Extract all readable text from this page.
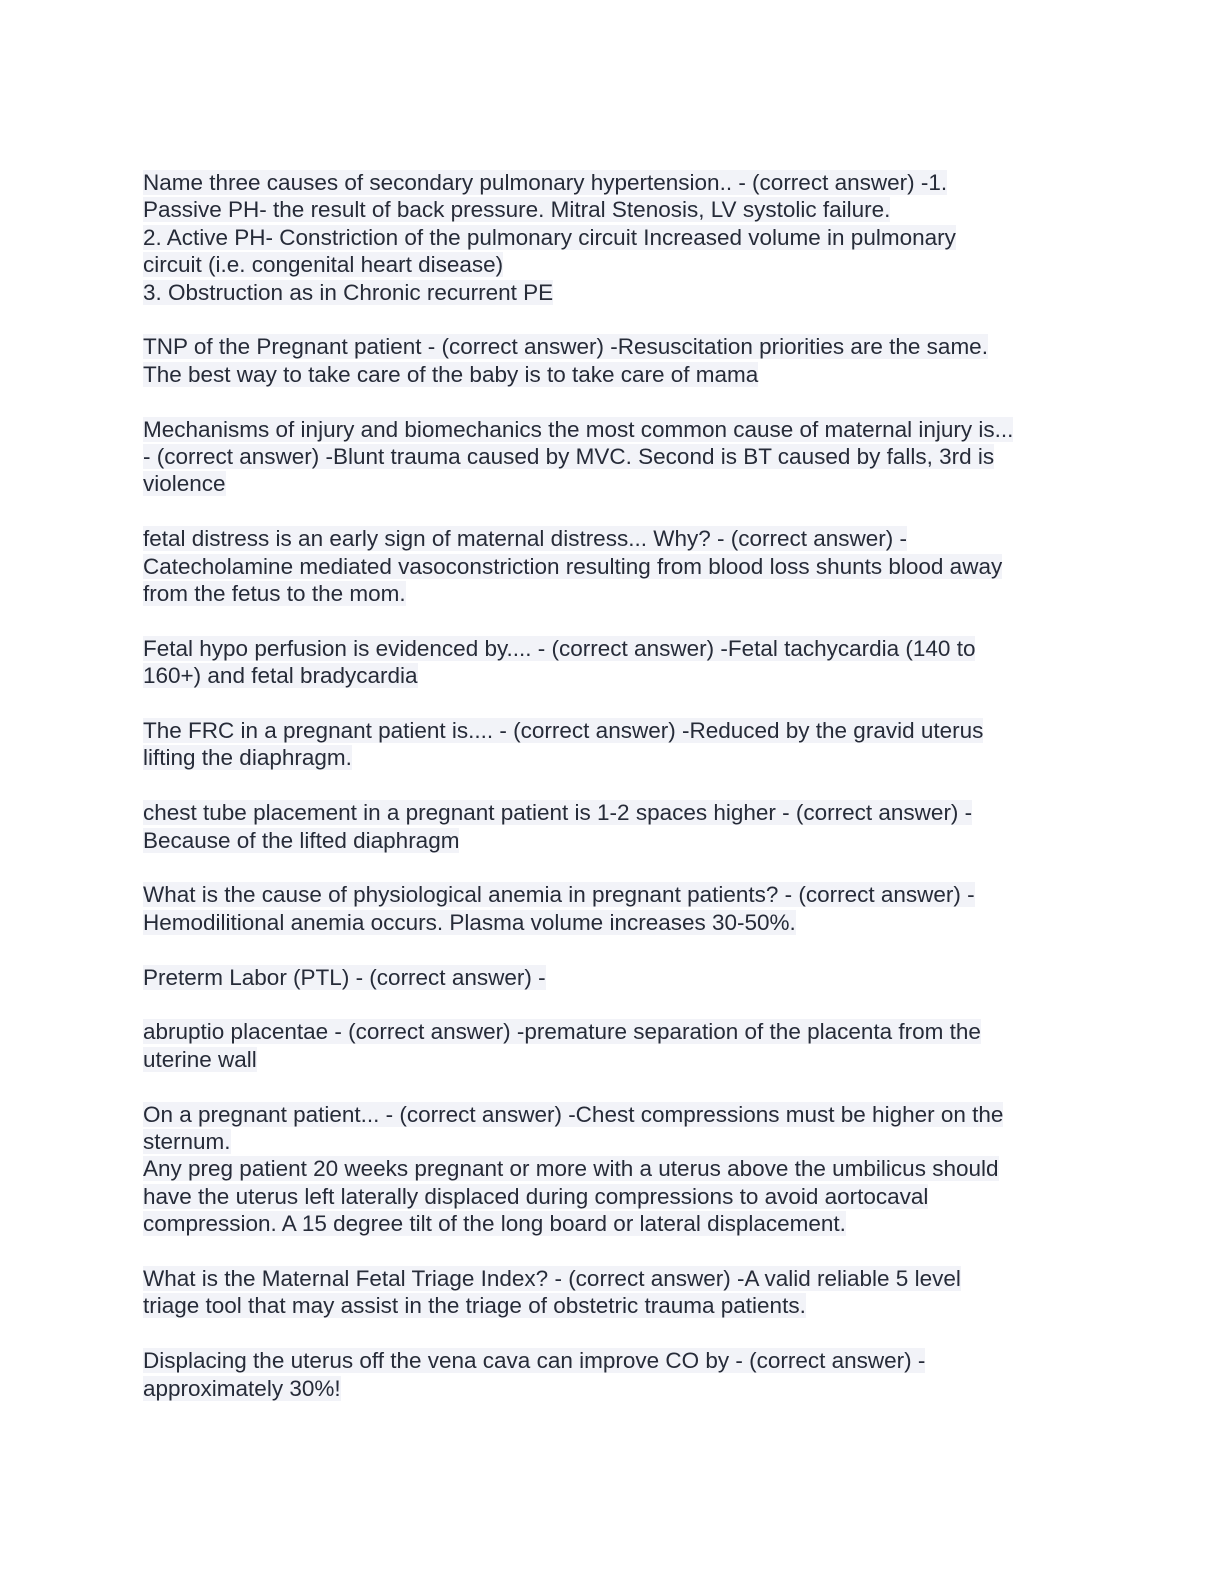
Name three causes of secondary pulmonary hypertension.. - (correct answer) -1.
Passive PH- the result of back pressure. Mitral Stenosis, LV systolic failure.
2. Active PH- Constriction of the pulmonary circuit Increased volume in pulmonary
circuit (i.e. congenital heart disease)
3. Obstruction as in Chronic recurrent PE
TNP of the Pregnant patient - (correct answer) -Resuscitation priorities are the same.
The best way to take care of the baby is to take care of mama
Mechanisms of injury and biomechanics the most common cause of maternal injury is...
- (correct answer) -Blunt trauma caused by MVC. Second is BT caused by falls, 3rd is
violence
fetal distress is an early sign of maternal distress... Why? - (correct answer) -
Catecholamine mediated vasoconstriction resulting from blood loss shunts blood away
from the fetus to the mom.
Fetal hypo perfusion is evidenced by.... - (correct answer) -Fetal tachycardia (140 to
160+) and fetal bradycardia
The FRC in a pregnant patient is.... - (correct answer) -Reduced by the gravid uterus
lifting the diaphragm.
chest tube placement in a pregnant patient is 1-2 spaces higher - (correct answer) -
Because of the lifted diaphragm
What is the cause of physiological anemia in pregnant patients? - (correct answer) -
Hemodilitional anemia occurs. Plasma volume increases 30-50%.
Preterm Labor (PTL) - (correct answer) -
abruptio placentae - (correct answer) -premature separation of the placenta from the
uterine wall
On a pregnant patient... - (correct answer) -Chest compressions must be higher on the
sternum.
Any preg patient 20 weeks pregnant or more with a uterus above the umbilicus should
have the uterus left laterally displaced during compressions to avoid aortocaval
compression. A 15 degree tilt of the long board or lateral displacement.
What is the Maternal Fetal Triage Index? - (correct answer) -A valid reliable 5 level
triage tool that may assist in the triage of obstetric trauma patients.
Displacing the uterus off the vena cava can improve CO by - (correct answer) -
approximately 30%!
